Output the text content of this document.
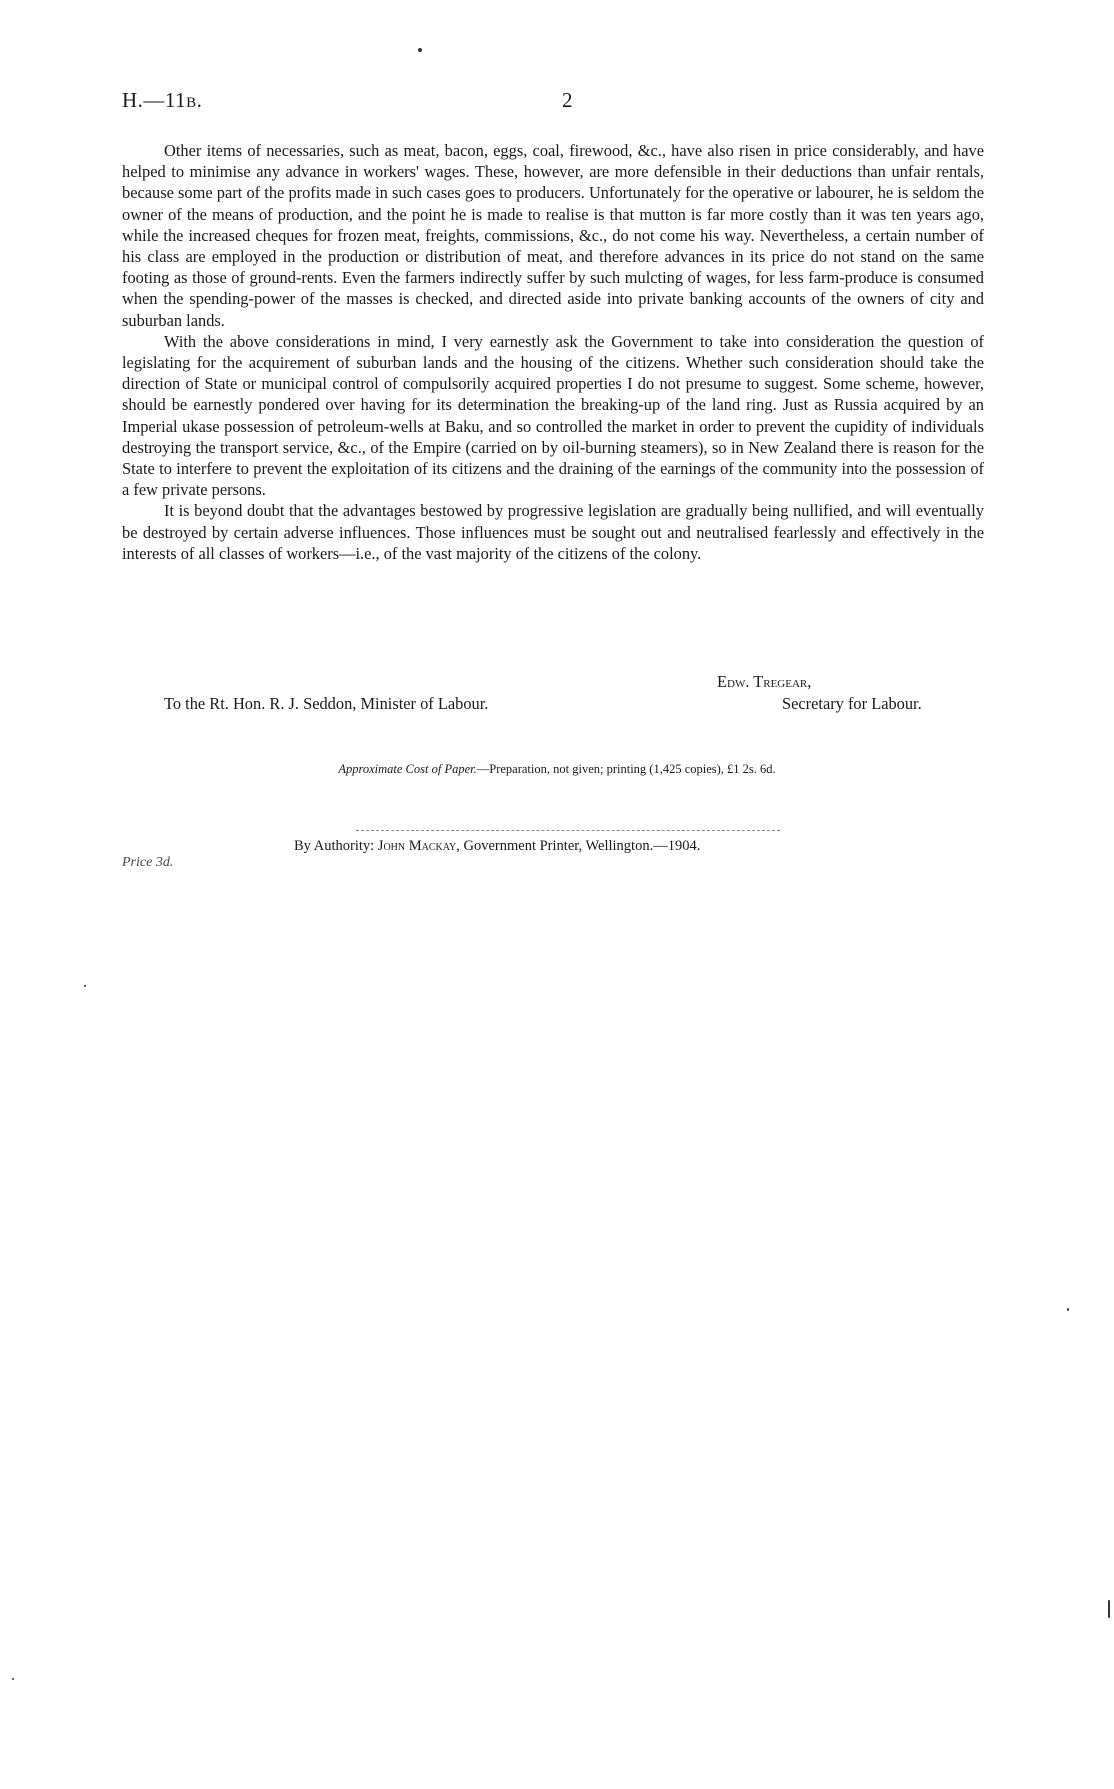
H.—11B.	2

Other items of necessaries, such as meat, bacon, eggs, coal, firewood, &c., have also risen in price considerably, and have helped to minimise any advance in workers' wages. These, however, are more defensible in their deductions than unfair rentals, because some part of the profits made in such cases goes to producers. Unfortunately for the operative or labourer, he is seldom the owner of the means of production, and the point he is made to realise is that mutton is far more costly than it was ten years ago, while the increased cheques for frozen meat, freights, commissions, &c., do not come his way. Nevertheless, a certain number of his class are employed in the production or distribution of meat, and therefore advances in its price do not stand on the same footing as those of ground-rents. Even the farmers indirectly suffer by such mulcting of wages, for less farm-produce is consumed when the spending-power of the masses is checked, and directed aside into private banking accounts of the owners of city and suburban lands.

With the above considerations in mind, I very earnestly ask the Government to take into consideration the question of legislating for the acquirement of suburban lands and the housing of the citizens. Whether such consideration should take the direction of State or municipal control of compulsorily acquired properties I do not presume to suggest. Some scheme, however, should be earnestly pondered over having for its determination the breaking-up of the land ring. Just as Russia acquired by an Imperial ukase possession of petroleum-wells at Baku, and so controlled the market in order to prevent the cupidity of individuals destroying the transport service, &c., of the Empire (carried on by oil-burning steamers), so in New Zealand there is reason for the State to interfere to prevent the exploitation of its citizens and the draining of the earnings of the community into the possession of a few private persons.

It is beyond doubt that the advantages bestowed by progressive legislation are gradually being nullified, and will eventually be destroyed by certain adverse influences. Those influences must be sought out and neutralised fearlessly and effectively in the interests of all classes of workers—i.e., of the vast majority of the citizens of the colony.

Edw. Tregear,
To the Rt. Hon. R. J. Seddon, Minister of Labour.	Secretary for Labour.
Approximate Cost of Paper.—Preparation, not given; printing (1,425 copies), £1 2s. 6d.
Price 3d.
By Authority: John Mackay, Government Printer, Wellington.—1904.
